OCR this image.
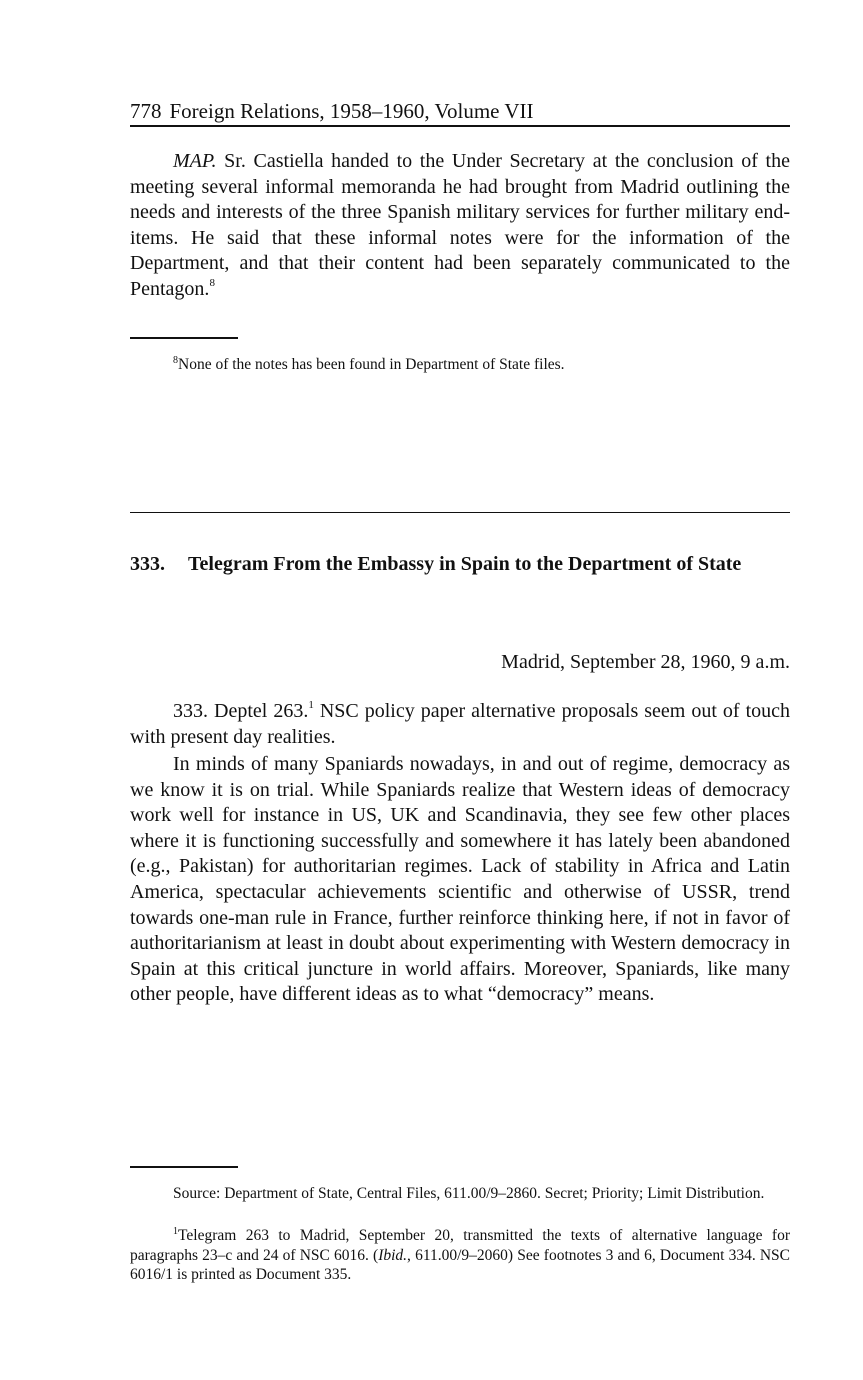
778 Foreign Relations, 1958–1960, Volume VII

MAP. Sr. Castiella handed to the Under Secretary at the conclusion of the meeting several informal memoranda he had brought from Madrid outlining the needs and interests of the three Spanish military services for further military end-items. He said that these informal notes were for the information of the Department, and that their content had been separately communicated to the Pentagon.$^8$

$^8$None of the notes has been found in Department of State files.

333. Telegram From the Embassy in Spain to the Department of State
Madrid, September 28, 1960, 9 a.m.

333. Deptel 263.$^1$ NSC policy paper alternative proposals seem out of touch with present day realities.

In minds of many Spaniards nowadays, in and out of regime, democracy as we know it is on trial. While Spaniards realize that Western ideas of democracy work well for instance in US, UK and Scandinavia, they see few other places where it is functioning successfully and somewhere it has lately been abandoned (e.g., Pakistan) for authoritarian regimes. Lack of stability in Africa and Latin America, spectacular achievements scientific and otherwise of USSR, trend towards one-man rule in France, further reinforce thinking here, if not in favor of authoritarianism at least in doubt about experimenting with Western democracy in Spain at this critical juncture in world affairs. Moreover, Spaniards, like many other people, have different ideas as to what “democracy” means.

Source: Department of State, Central Files, 611.00/9–2860. Secret; Priority; Limit Distribution.

$^1$Telegram 263 to Madrid, September 20, transmitted the texts of alternative language for paragraphs 23–c and 24 of NSC 6016. (Ibid., 611.00/9–2060) See footnotes 3 and 6, Document 334. NSC 6016/1 is printed as Document 335.
